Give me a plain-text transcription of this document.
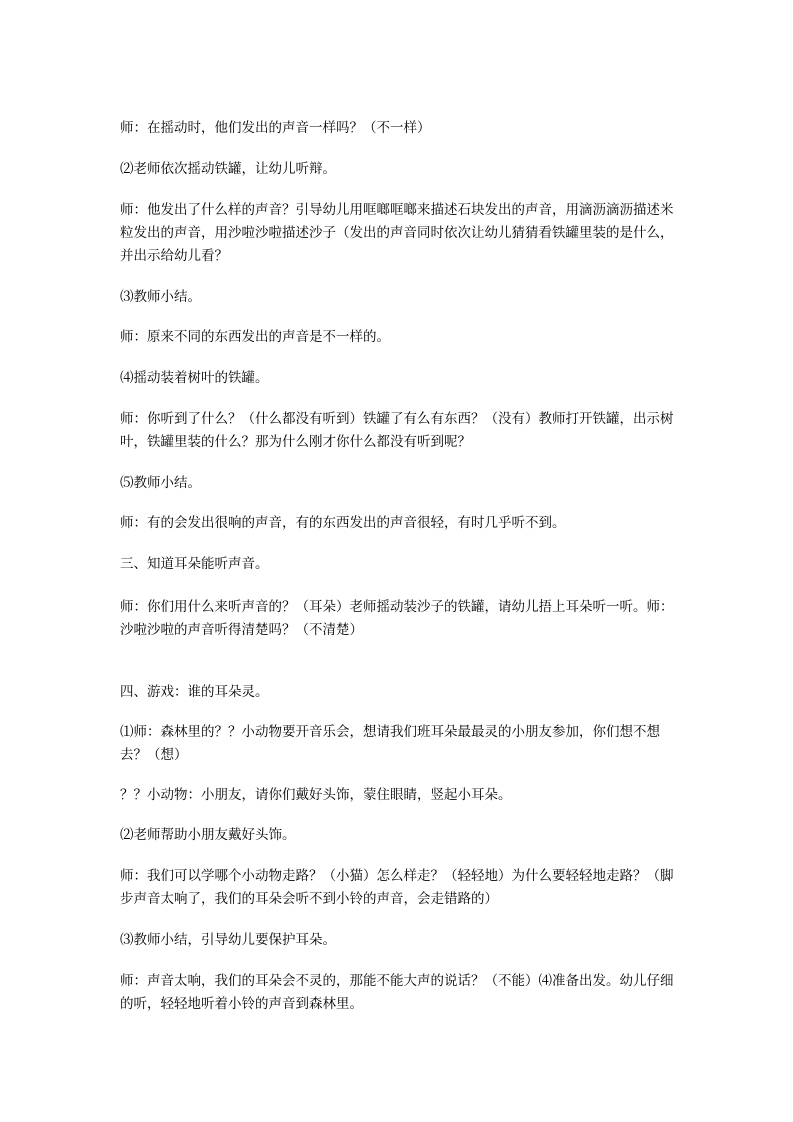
师：在摇动时，他们发出的声音一样吗？（不一样）

⑵老师依次摇动铁罐，让幼儿听辩。

师：他发出了什么样的声音？引导幼儿用哐啷哐啷来描述石块发出的声音，用滴沥滴沥描述米粒发出的声音，用沙啦沙啦描述沙子（发出的声音同时依次让幼儿猜猜看铁罐里装的是什么，并出示给幼儿看？

⑶教师小结。

师：原来不同的东西发出的声音是不一样的。

⑷摇动装着树叶的铁罐。

师：你听到了什么？（什么都没有听到）铁罐了有么有东西？（没有）教师打开铁罐，出示树叶，铁罐里装的什么？那为什么刚才你什么都没有听到呢？

⑸教师小结。

师：有的会发出很响的声音，有的东西发出的声音很轻，有时几乎听不到。

三、知道耳朵能听声音。

师：你们用什么来听声音的？（耳朵）老师摇动装沙子的铁罐，请幼儿捂上耳朵听一听。师：沙啦沙啦的声音听得清楚吗？（不清楚）

四、游戏：谁的耳朵灵。

⑴师：森林里的？？小动物要开音乐会，想请我们班耳朵最最灵的小朋友参加，你们想不想去？（想）

？？小动物：小朋友，请你们戴好头饰，蒙住眼睛，竖起小耳朵。

⑵老师帮助小朋友戴好头饰。

师：我们可以学哪个小动物走路？（小猫）怎么样走？（轻轻地）为什么要轻轻地走路？（脚步声音太响了，我们的耳朵会听不到小铃的声音，会走错路的）

⑶教师小结，引导幼儿要保护耳朵。

师：声音太响，我们的耳朵会不灵的，那能不能大声的说话？（不能）⑷准备出发。幼儿仔细的听，轻轻地听着小铃的声音到森林里。
